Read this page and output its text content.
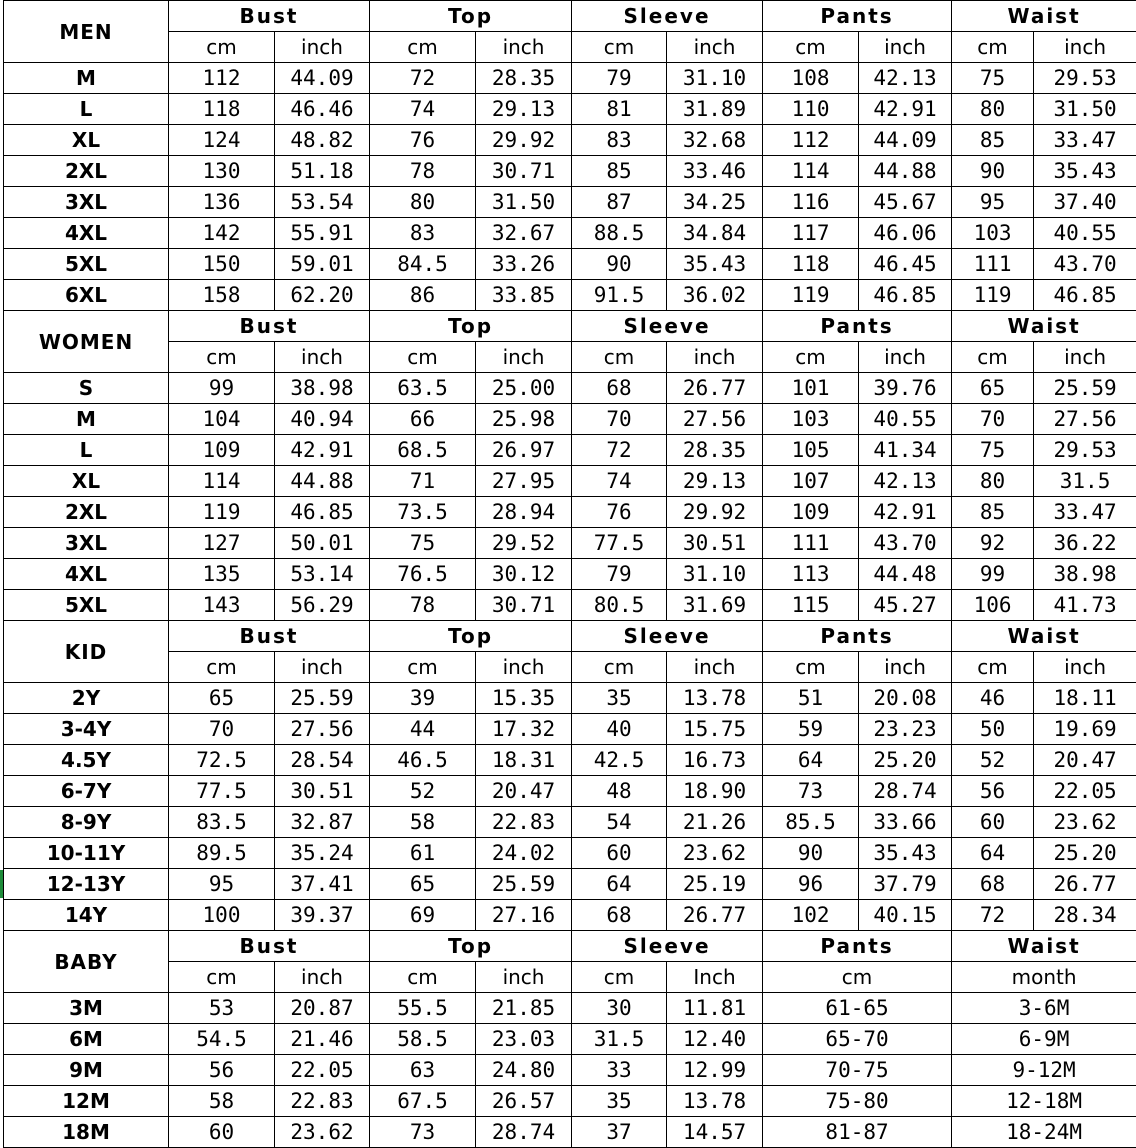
MEN	Bust		Top		Sleeve		Pants		Waist	
	cm	inch	cm	inch	cm	inch	cm	inch	cm	inch
M	112	44.09	72	28.35	79	31.10	108	42.13	75	29.53
L	118	46.46	74	29.13	81	31.89	110	42.91	80	31.50
XL	124	48.82	76	29.92	83	32.68	112	44.09	85	33.47
2XL	130	51.18	78	30.71	85	33.46	114	44.88	90	35.43
3XL	136	53.54	80	31.50	87	34.25	116	45.67	95	37.40
4XL	142	55.91	83	32.67	88.5	34.84	117	46.06	103	40.55
5XL	150	59.01	84.5	33.26	90	35.43	118	46.45	111	43.70
6XL	158	62.20	86	33.85	91.5	36.02	119	46.85	119	46.85
WOMEN	Bust		Top		Sleeve		Pants		Waist	
	cm	inch	cm	inch	cm	inch	cm	inch	cm	inch
S	99	38.98	63.5	25.00	68	26.77	101	39.76	65	25.59
M	104	40.94	66	25.98	70	27.56	103	40.55	70	27.56
L	109	42.91	68.5	26.97	72	28.35	105	41.34	75	29.53
XL	114	44.88	71	27.95	74	29.13	107	42.13	80	31.5
2XL	119	46.85	73.5	28.94	76	29.92	109	42.91	85	33.47
3XL	127	50.01	75	29.52	77.5	30.51	111	43.70	92	36.22
4XL	135	53.14	76.5	30.12	79	31.10	113	44.48	99	38.98
5XL	143	56.29	78	30.71	80.5	31.69	115	45.27	106	41.73
KID	Bust		Top		Sleeve		Pants		Waist	
	cm	inch	cm	inch	cm	inch	cm	inch	cm	inch
2Y	65	25.59	39	15.35	35	13.78	51	20.08	46	18.11
3-4Y	70	27.56	44	17.32	40	15.75	59	23.23	50	19.69
4.5Y	72.5	28.54	46.5	18.31	42.5	16.73	64	25.20	52	20.47
6-7Y	77.5	30.51	52	20.47	48	18.90	73	28.74	56	22.05
8-9Y	83.5	32.87	58	22.83	54	21.26	85.5	33.66	60	23.62
10-11Y	89.5	35.24	61	24.02	60	23.62	90	35.43	64	25.20
12-13Y	95	37.41	65	25.59	64	25.19	96	37.79	68	26.77
14Y	100	39.37	69	27.16	68	26.77	102	40.15	72	28.34
BABY	Bust		Top		Sleeve		Pants		Waist	
	cm	inch	cm	inch	cm	Inch	cm		month	
3M	53	20.87	55.5	21.85	30	11.81	61-65		3-6M	
6M	54.5	21.46	58.5	23.03	31.5	12.40	65-70		6-9M	
9M	56	22.05	63	24.80	33	12.99	70-75		9-12M	
12M	58	22.83	67.5	26.57	35	13.78	75-80		12-18M	
18M	60	23.62	73	28.74	37	14.57	81-87		18-24M	
